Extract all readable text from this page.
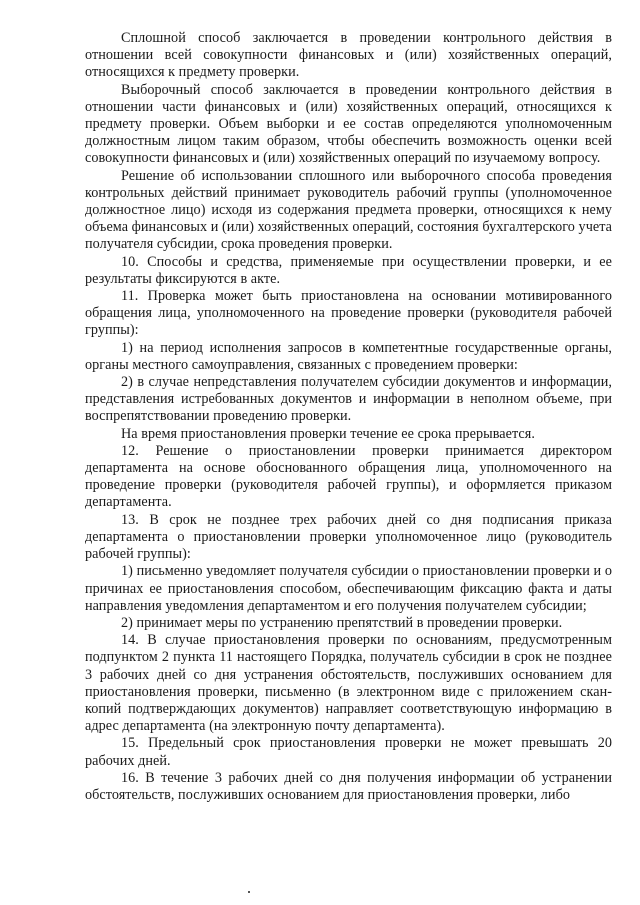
Сплошной способ заключается в проведении контрольного действия в отношении всей совокупности финансовых и (или) хозяйственных операций, относящихся к предмету проверки.

Выборочный способ заключается в проведении контрольного действия в отношении части финансовых и (или) хозяйственных операций, относящихся к предмету проверки. Объем выборки и ее состав определяются уполномоченным должностным лицом таким образом, чтобы обеспечить возможность оценки всей совокупности финансовых и (или) хозяйственных операций по изучаемому вопросу.

Решение об использовании сплошного или выборочного способа проведения контрольных действий принимает руководитель рабочий группы (уполномоченное должностное лицо) исходя из содержания предмета проверки, относящихся к нему объема финансовых и (или) хозяйственных операций, состояния бухгалтерского учета получателя субсидии, срока проведения проверки.

10. Способы и средства, применяемые при осуществлении проверки, и ее результаты фиксируются в акте.

11. Проверка может быть приостановлена на основании мотивированного обращения лица, уполномоченного на проведение проверки (руководителя рабочей группы):

1) на период исполнения запросов в компетентные государственные органы, органы местного самоуправления, связанных с проведением проверки:

2) в случае непредставления получателем субсидии документов и информации, представления истребованных документов и информации в неполном объеме, при воспрепятствовании проведению проверки.

На время приостановления проверки течение ее срока прерывается.

12. Решение о приостановлении проверки принимается директором департамента на основе обоснованного обращения лица, уполномоченного на проведение проверки (руководителя рабочей группы), и оформляется приказом департамента.

13. В срок не позднее трех рабочих дней со дня подписания приказа департамента о приостановлении проверки уполномоченное лицо (руководитель рабочей группы):

1) письменно уведомляет получателя субсидии о приостановлении проверки и о причинах ее приостановления способом, обеспечивающим фиксацию факта и даты направления уведомления департаментом и его получения получателем субсидии;

2) принимает меры по устранению препятствий в проведении проверки.

14. В случае приостановления проверки по основаниям, предусмотренным подпунктом 2 пункта 11 настоящего Порядка, получатель субсидии в срок не позднее 3 рабочих дней со дня устранения обстоятельств, послуживших основанием для приостановления проверки, письменно (в электронном виде с приложением скан-копий подтверждающих документов) направляет соответствующую информацию в адрес департамента (на электронную почту департамента).

15. Предельный срок приостановления проверки не может превышать 20 рабочих дней.

16. В течение 3 рабочих дней со дня получения информации об устранении обстоятельств, послуживших основанием для приостановления проверки, либо
